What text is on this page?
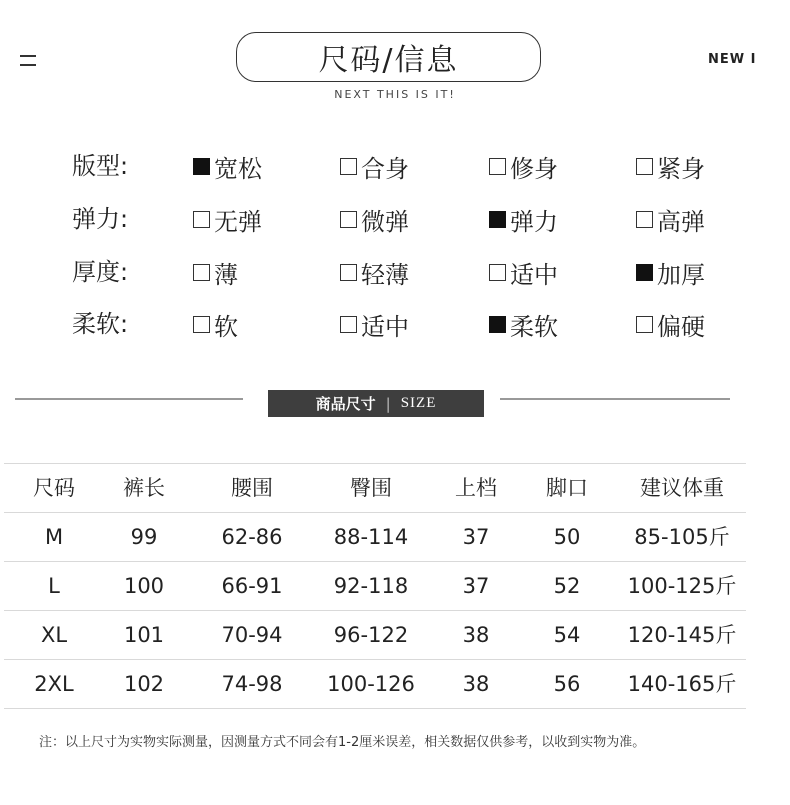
尺码/信息
NEXT THIS IS IT!
NEW I
版型:	宽松	合身	修身	紧身
弹力:	无弹	微弹	弹力	高弹
厚度:	薄	轻薄	适中	加厚
柔软:	软	适中	柔软	偏硬
商品尺寸 | SIZE
尺码 裤长	腰围	臀围	上档 脚口 建议体重
M	99	62-86 88-114	37	50	85-105斤
L	100	66-91 92-118	37	52 100-125斤
XL	101	70-94 96-122	38	54 120-145斤
2XL 102	74-98 100-126 38	56 140-165斤
注：以上尺寸为实物实际测量，因测量方式不同会有1-2厘米误差，相关数据仅供参考，以收到实物为准。
